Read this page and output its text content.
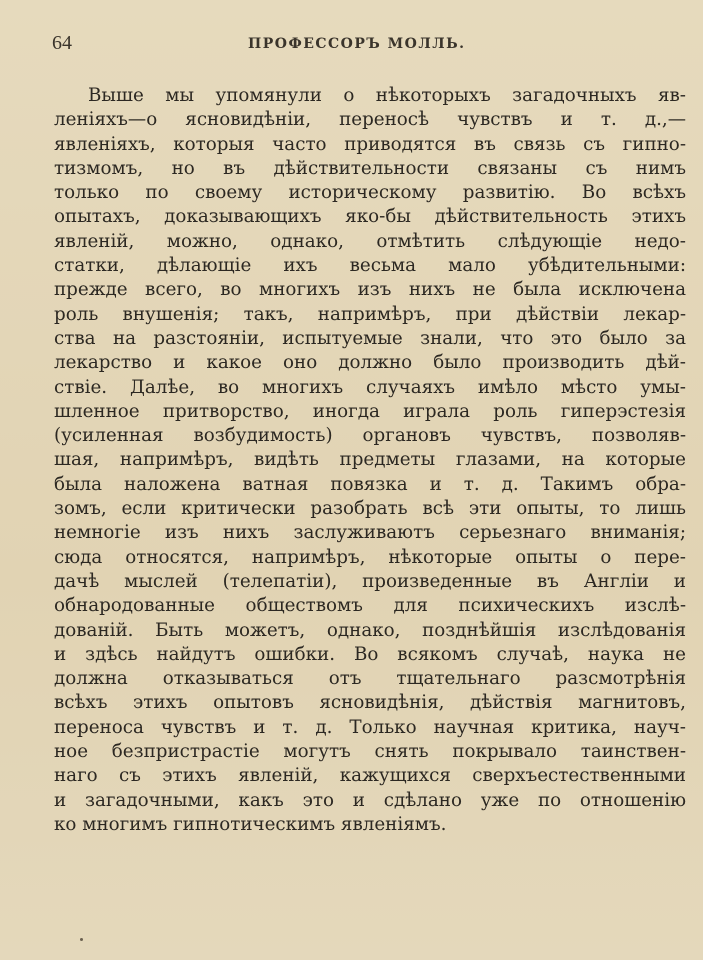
64	ПРОФЕССОРЪ МОЛЛЬ.
Выше мы упомянули о нѣкоторыхъ загадочныхъ яв-
леніяхъ—о ясновидѣніи, переносѣ чувствъ и т. д.,—
явленіяхъ, которыя часто приводятся въ связь съ гипно-
тизмомъ, но въ дѣйствительности связаны съ нимъ
только по своему историческому развитію. Во всѣхъ
опытахъ, доказывающихъ яко-бы дѣйствительность этихъ
явленій, можно, однако, отмѣтить слѣдующіе недо-
статки, дѣлающіе ихъ весьма мало убѣдительными:
прежде всего, во многихъ изъ нихъ не была исключена
роль внушенія; такъ, напримѣръ, при дѣйствіи лекар-
ства на разстояніи, испытуемые знали, что это было за
лекарство и какое оно должно было производить дѣй-
ствіе. Далѣе, во многихъ случаяхъ имѣло мѣсто умы-
шленное притворство, иногда играла роль гиперэстезія
(усиленная возбудимость) органовъ чувствъ, позволяв-
шая, напримѣръ, видѣть предметы глазами, на которые
была наложена ватная повязка и т. д. Такимъ обра-
зомъ, если критически разобрать всѣ эти опыты, то лишь
немногіе изъ нихъ заслуживаютъ серьезнаго вниманія;
сюда относятся, напримѣръ, нѣкоторые опыты о пере-
дачѣ мыслей (телепатіи), произведенные въ Англіи и
обнародованные обществомъ для психическихъ изслѣ-
дованій. Быть можетъ, однако, позднѣйшія изслѣдованія
и здѣсь найдутъ ошибки. Во всякомъ случаѣ, наука не
должна отказываться отъ тщательнаго разсмотрѣнія
всѣхъ этихъ опытовъ ясновидѣнія, дѣйствія магнитовъ,
переноса чувствъ и т. д. Только научная критика, науч-
ное безпристрастіе могутъ снять покрывало таинствен-
наго съ этихъ явленій, кажущихся сверхъестественными
и загадочными, какъ это и сдѣлано уже по отношенію
ко многимъ гипнотическимъ явленіямъ.
